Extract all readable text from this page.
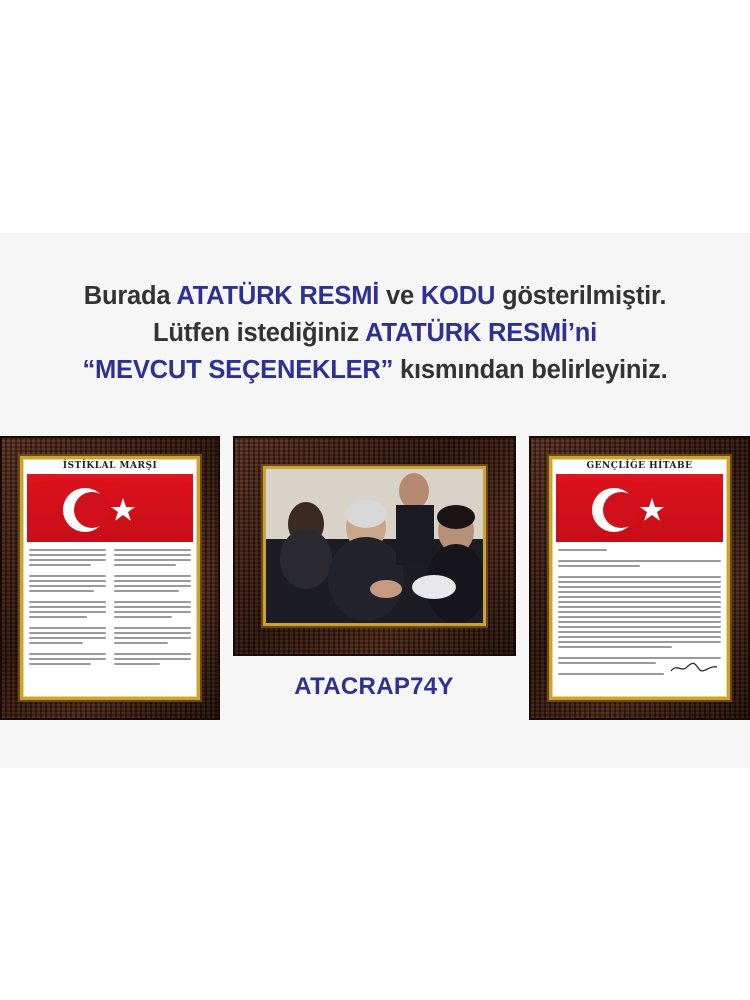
Burada ATATÜRK RESMİ ve KODU gösterilmiştir.
Lütfen istediğiniz ATATÜRK RESMİ’ni
“MEVCUT SEÇENEKLER” kısmından belirleyiniz.
İSTİKLAL MARŞI
ATACRAP74Y
GENÇLİĞE HİTABE
